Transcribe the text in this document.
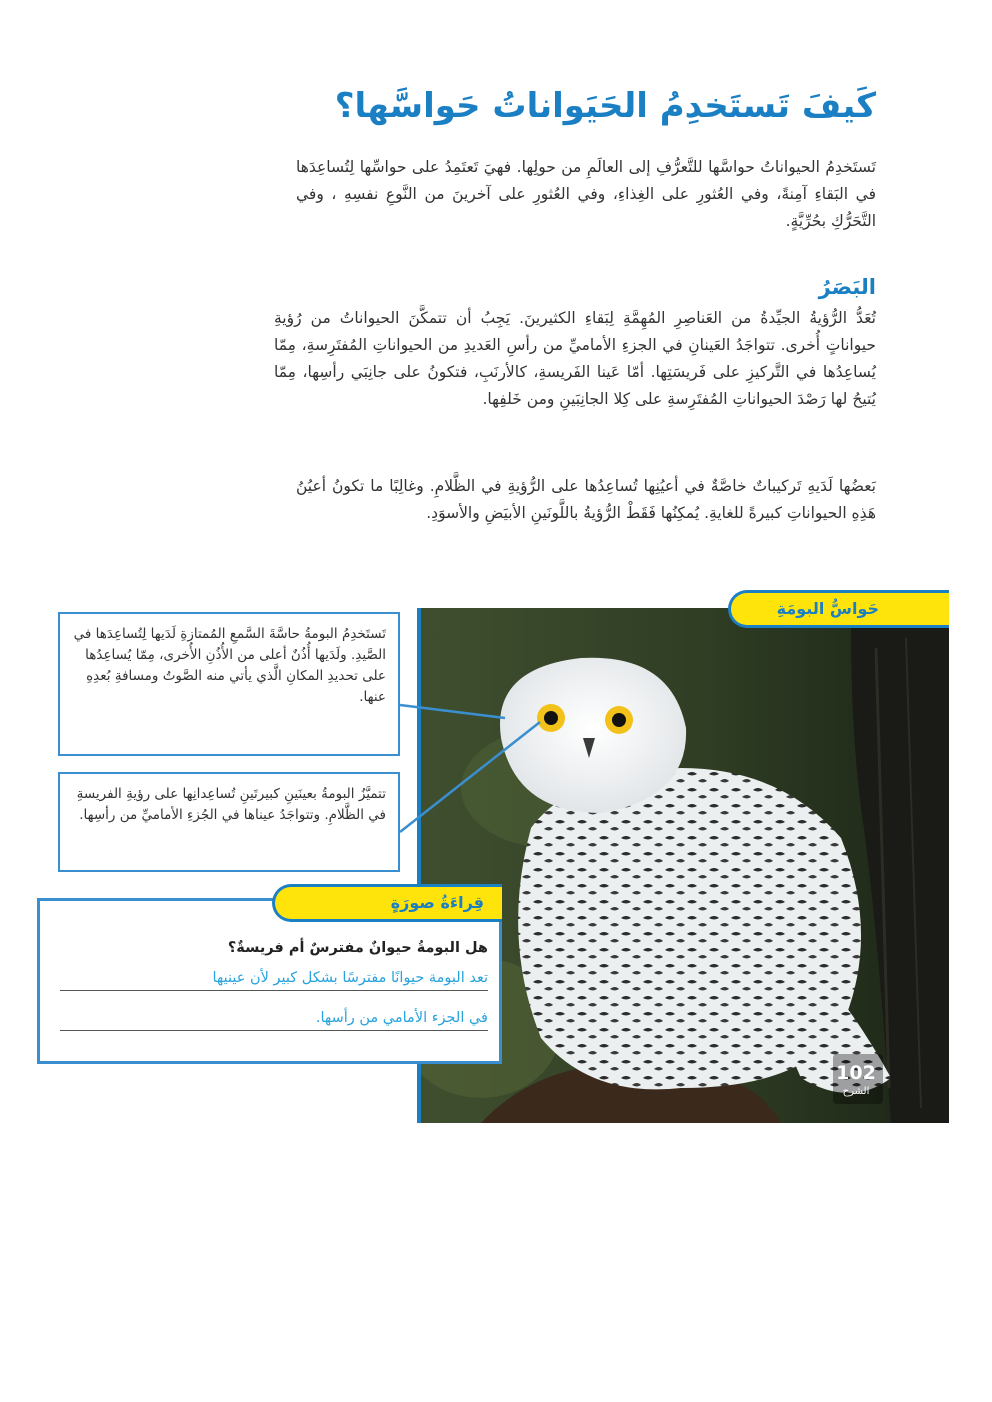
كَيفَ تَستَخدِمُ الحَيَواناتُ حَواسَّها؟

تَستَخدِمُ الحيواناتُ حواسَّها للتَّعرُّفِ إلى العالَمِ من حولِها. فهيَ تَعتَمِدُ على حواسِّها لِتُساعِدَها في البَقاءِ آمِنةً، وفي العُثورِ على الغِذاءِ، وفي العُثورِ على آخرينَ من النَّوعِ نفسِهِ ، وفي التَّحَرُّكِ بحُرِّيَّةٍ.

البَصَرُ

تُعَدُّ الرُّؤيةُ الجيِّدةُ من العَناصِرِ المُهِمَّةِ لِبَقاءِ الكثيرينَ. يَجِبُ أن تتمكَّنَ الحيواناتُ من رُؤيةِ حيواناتٍ أُخرى. تتواجَدُ العَينانِ في الجزءِ الأماميِّ من رأسِ العَديدِ من الحيواناتِ المُفتَرِسةِ، مِمّا يُساعِدُها في التَّركيزِ على فَريسَتِها. أمّا عَينا الفَريسةِ، كالأرنَبِ، فتكونُ على جانِبَي رأسِها، مِمّا يُتيحُ لها رَصْدَ الحيواناتِ المُفتَرِسةِ على كِلا الجانِبَينِ ومن خَلفِها.

بَعضُها لَدَيهِ تَركيباتٌ خاصَّةٌ في أعيُنِها تُساعِدُها على الرُّؤيةِ في الظَّلامِ. وغالِبًا ما تكونُ أعيُنُ هَذِهِ الحيواناتِ كبيرةً للغايةِ. يُمكِنُها فَقَطْ الرُّؤيةُ باللَّونَينِ الأبيَضِ والأسوَدِ.

حَواسُّ البومَةِ
102
الشرح
تَستَخدِمُ البومةُ حاسَّةَ السَّمعِ المُمتازةِ لَدَيها لِتُساعِدَها في الصَّيدِ. ولَدَيها أُذُنٌ أعلى من الأُذُنِ الأُخرى، مِمّا يُساعِدُها على تحديدِ المكانِ الَّذي يأتي منه الصَّوتُ ومسافةِ بُعدِهِ عنها.
تتميَّزُ البومةُ بعينَينِ كبيرتَينِ تُساعِدانِها على رؤيةِ الفريسةِ في الظَّلامِ. وتتواجَدُ عيناها في الجُزءِ الأماميِّ من رأسِها.
قِراءَةُ صورَةٍ
هل البومةُ حيوانٌ مفترسٌ أم فريسةٌ؟
تعد البومة حيوانًا مفترسًا بشكل كبير لأن عينيها
في الجزء الأمامي من رأسها.
